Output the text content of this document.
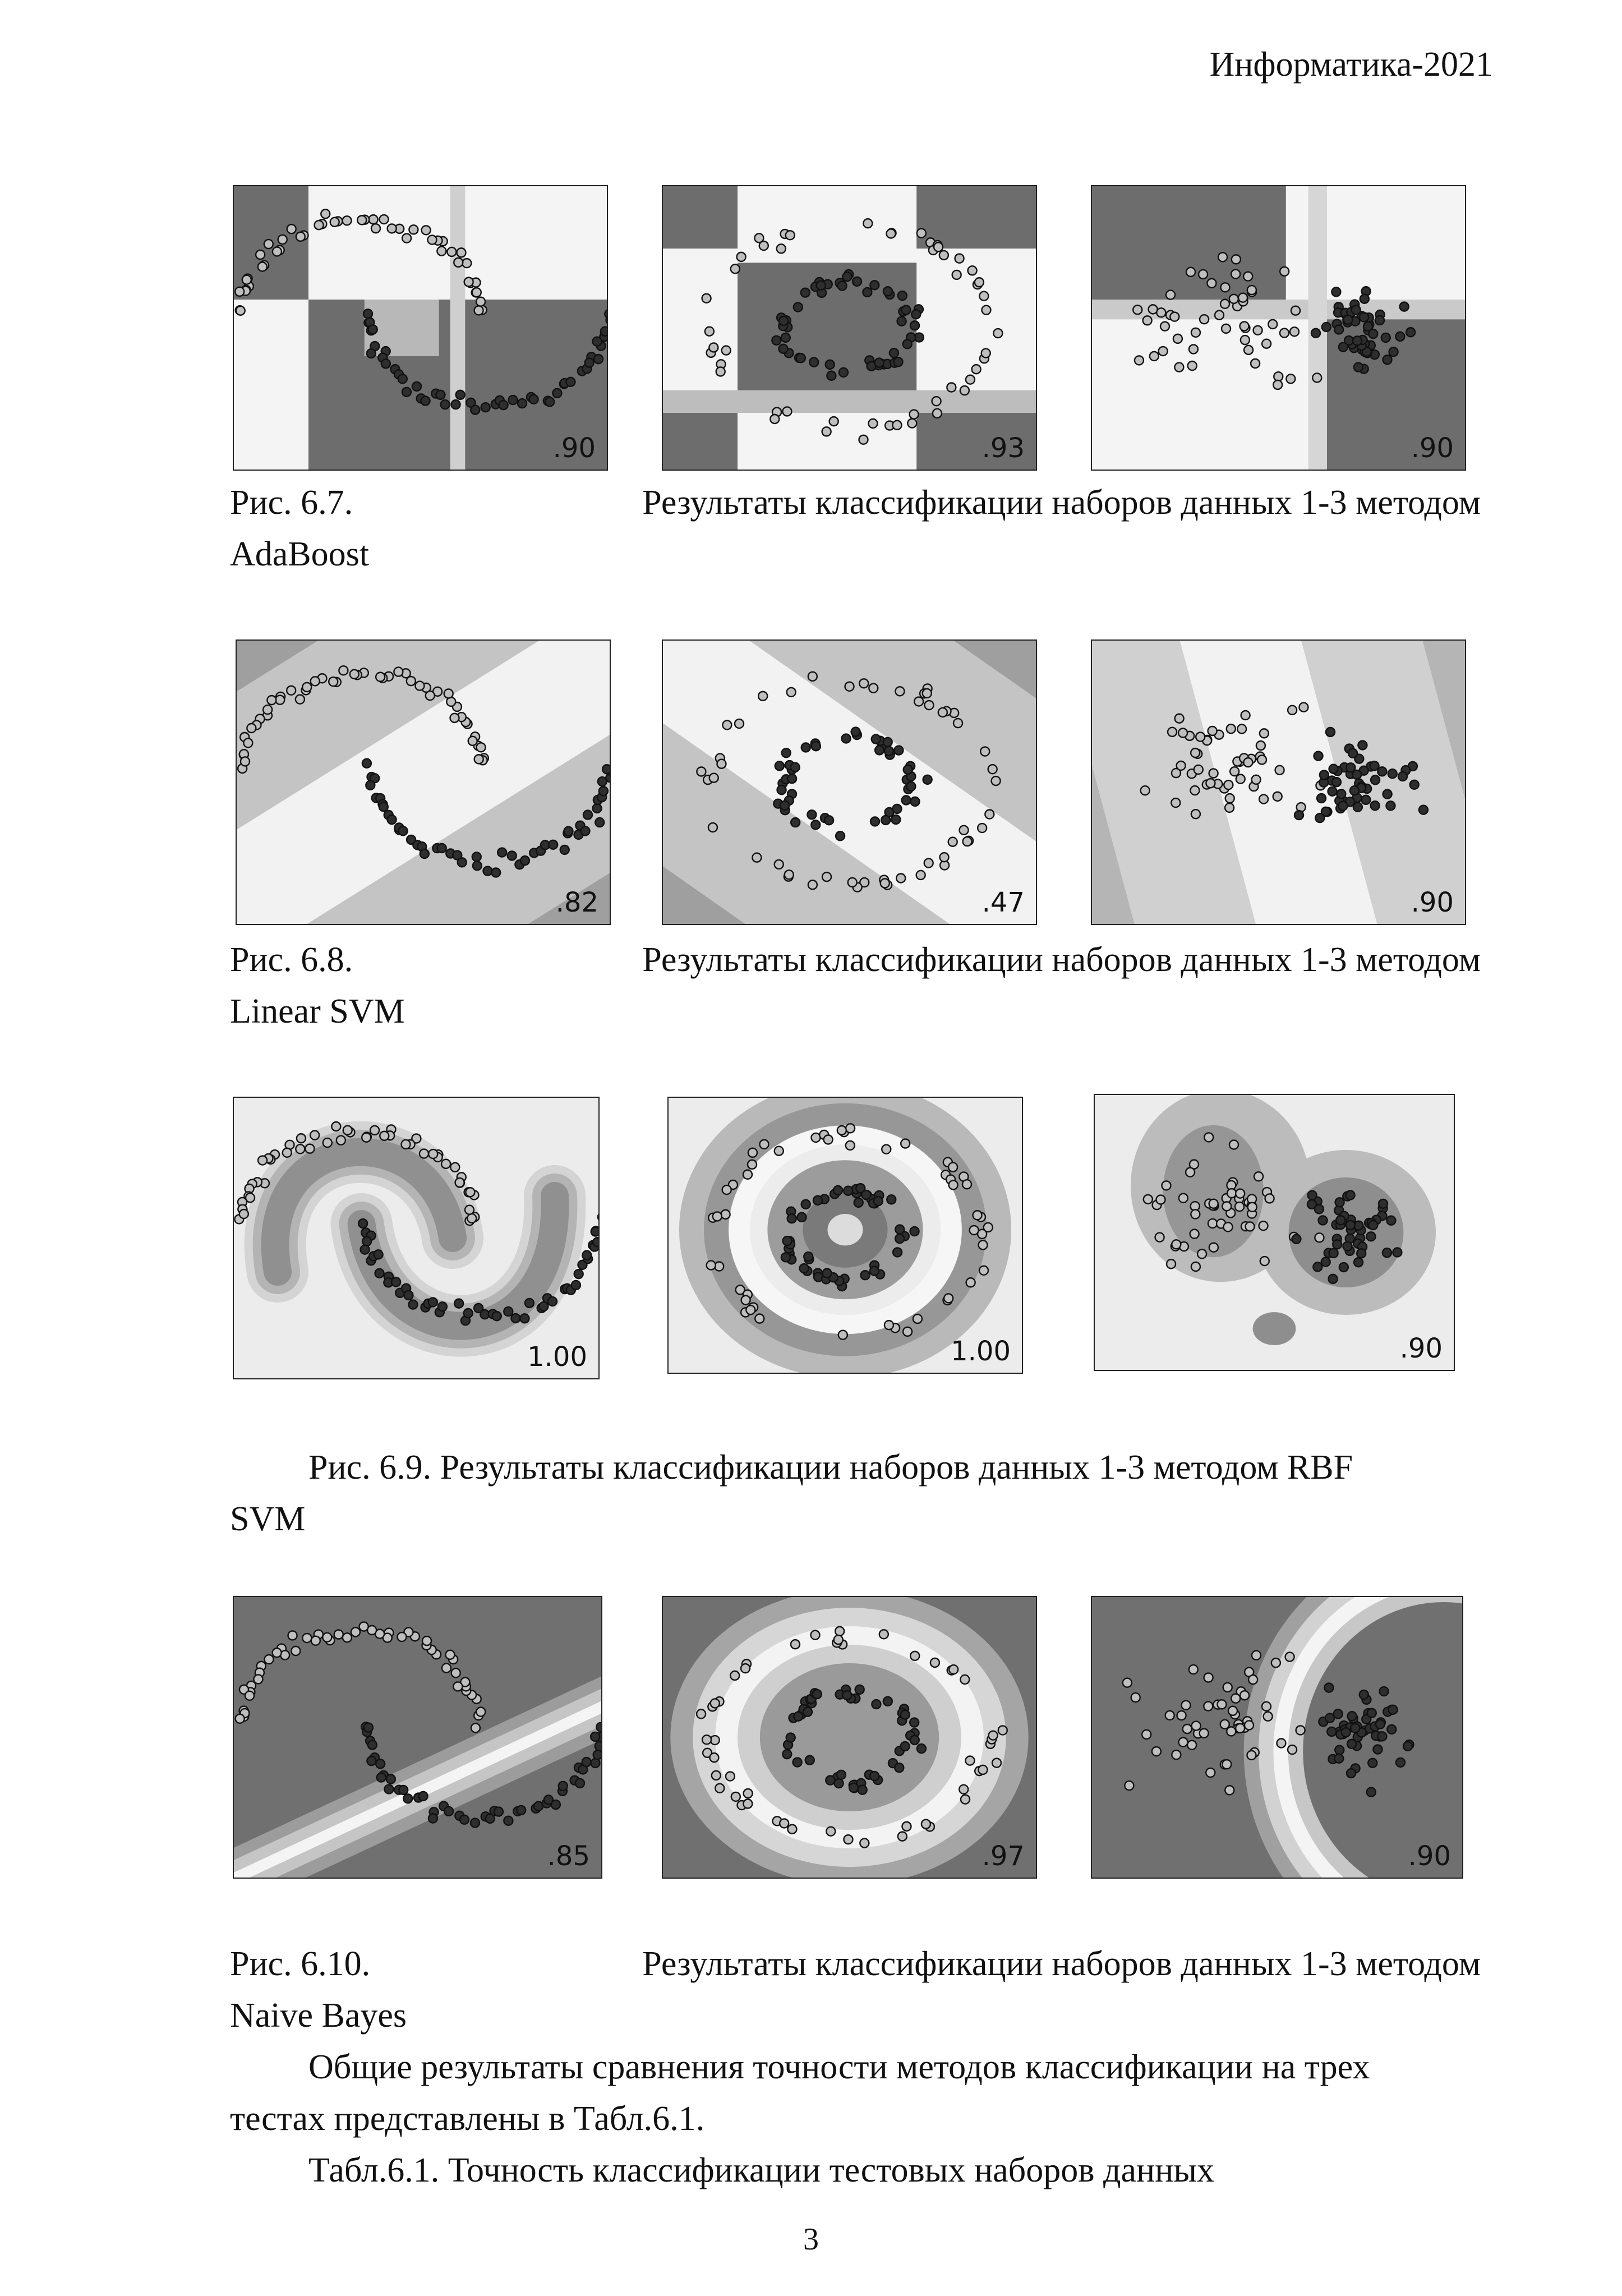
Информатика-2021
.90	.93	.90
Рис. 6.7.	Результаты классификации наборов данных 1-3 методом
AdaBoost
.82	.47	.90
Рис. 6.8.	Результаты классификации наборов данных 1-3 методом
Linear SVM
1.00	1.00	.90
Рис. 6.9. Результаты классификации наборов данных 1-3 методом RBF
SVM
.85	.97	.90
Рис. 6.10.	Результаты классификации наборов данных 1-3 методом
Naive Bayes
Общие результаты сравнения точности методов классификации на трех
тестах представлены в Табл.6.1.
Табл.6.1. Точность классификации тестовых наборов данных
3
